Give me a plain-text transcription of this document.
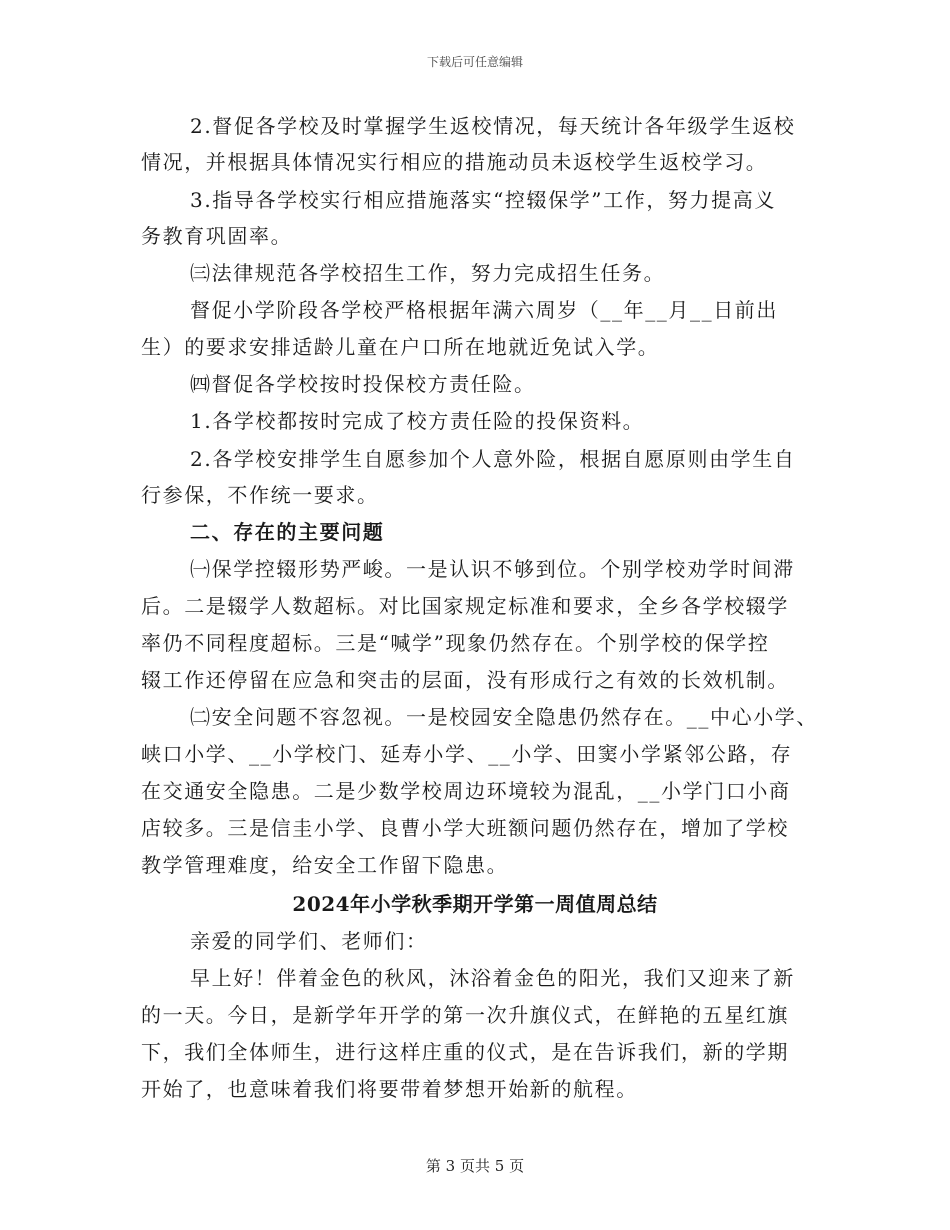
下载后可任意编辑
2.督促各学校及时掌握学生返校情况，每天统计各年级学生返校
情况，并根据具体情况实行相应的措施动员未返校学生返校学习。
3.指导各学校实行相应措施落实“控辍保学”工作，努力提高义
务教育巩固率。
㈢法律规范各学校招生工作，努力完成招生任务。
督促小学阶段各学校严格根据年满六周岁（__年__月__日前出
生）的要求安排适龄儿童在户口所在地就近免试入学。
㈣督促各学校按时投保校方责任险。
1.各学校都按时完成了校方责任险的投保资料。
2.各学校安排学生自愿参加个人意外险，根据自愿原则由学生自
行参保，不作统一要求。
二、存在的主要问题
㈠保学控辍形势严峻。一是认识不够到位。个别学校劝学时间滞
后。二是辍学人数超标。对比国家规定标准和要求，全乡各学校辍学
率仍不同程度超标。三是“喊学”现象仍然存在。个别学校的保学控
辍工作还停留在应急和突击的层面，没有形成行之有效的长效机制。
㈡安全问题不容忽视。一是校园安全隐患仍然存在。__中心小学、
峡口小学、__小学校门、延寿小学、__小学、田窦小学紧邻公路，存
在交通安全隐患。二是少数学校周边环境较为混乱，__小学门口小商
店较多。三是信圭小学、良曹小学大班额问题仍然存在，增加了学校
教学管理难度，给安全工作留下隐患。
2024年小学秋季期开学第一周值周总结
亲爱的同学们、老师们：
早上好！伴着金色的秋风，沐浴着金色的阳光，我们又迎来了新
的一天。今日，是新学年开学的第一次升旗仪式，在鲜艳的五星红旗
下，我们全体师生，进行这样庄重的仪式，是在告诉我们，新的学期
开始了，也意味着我们将要带着梦想开始新的航程。
第 3 页共 5 页
